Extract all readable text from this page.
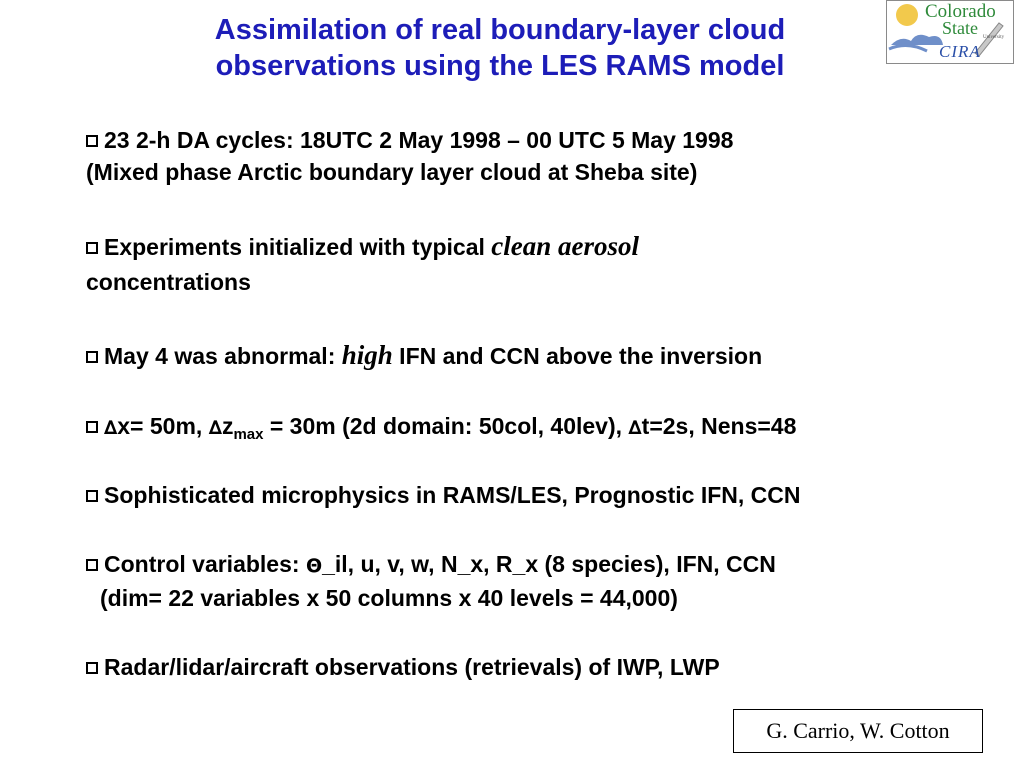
Assimilation of real boundary-layer cloud
observations using the LES RAMS model
Colorado
State University
CIRA
23 2-h DA cycles: 18UTC 2 May 1998 – 00 UTC 5 May 1998
(Mixed phase Arctic boundary layer cloud at Sheba site)
Experiments initialized with typical clean aerosol
concentrations
May 4 was abnormal: high IFN and CCN above the inversion
∆x= 50m, $\Delta z_{max} = 30m$ (2d domain: 50col, 40lev), ∆t=2s, Nens=48
Sophisticated microphysics in RAMS/LES, Prognostic IFN, CCN
Control variables: Θ_il, u, v, w, N_x, R_x (8 species), IFN, CCN
(dim= 22 variables x 50 columns x 40 levels = 44,000)
Radar/lidar/aircraft observations (retrievals) of IWP, LWP
G. Carrio, W. Cotton
